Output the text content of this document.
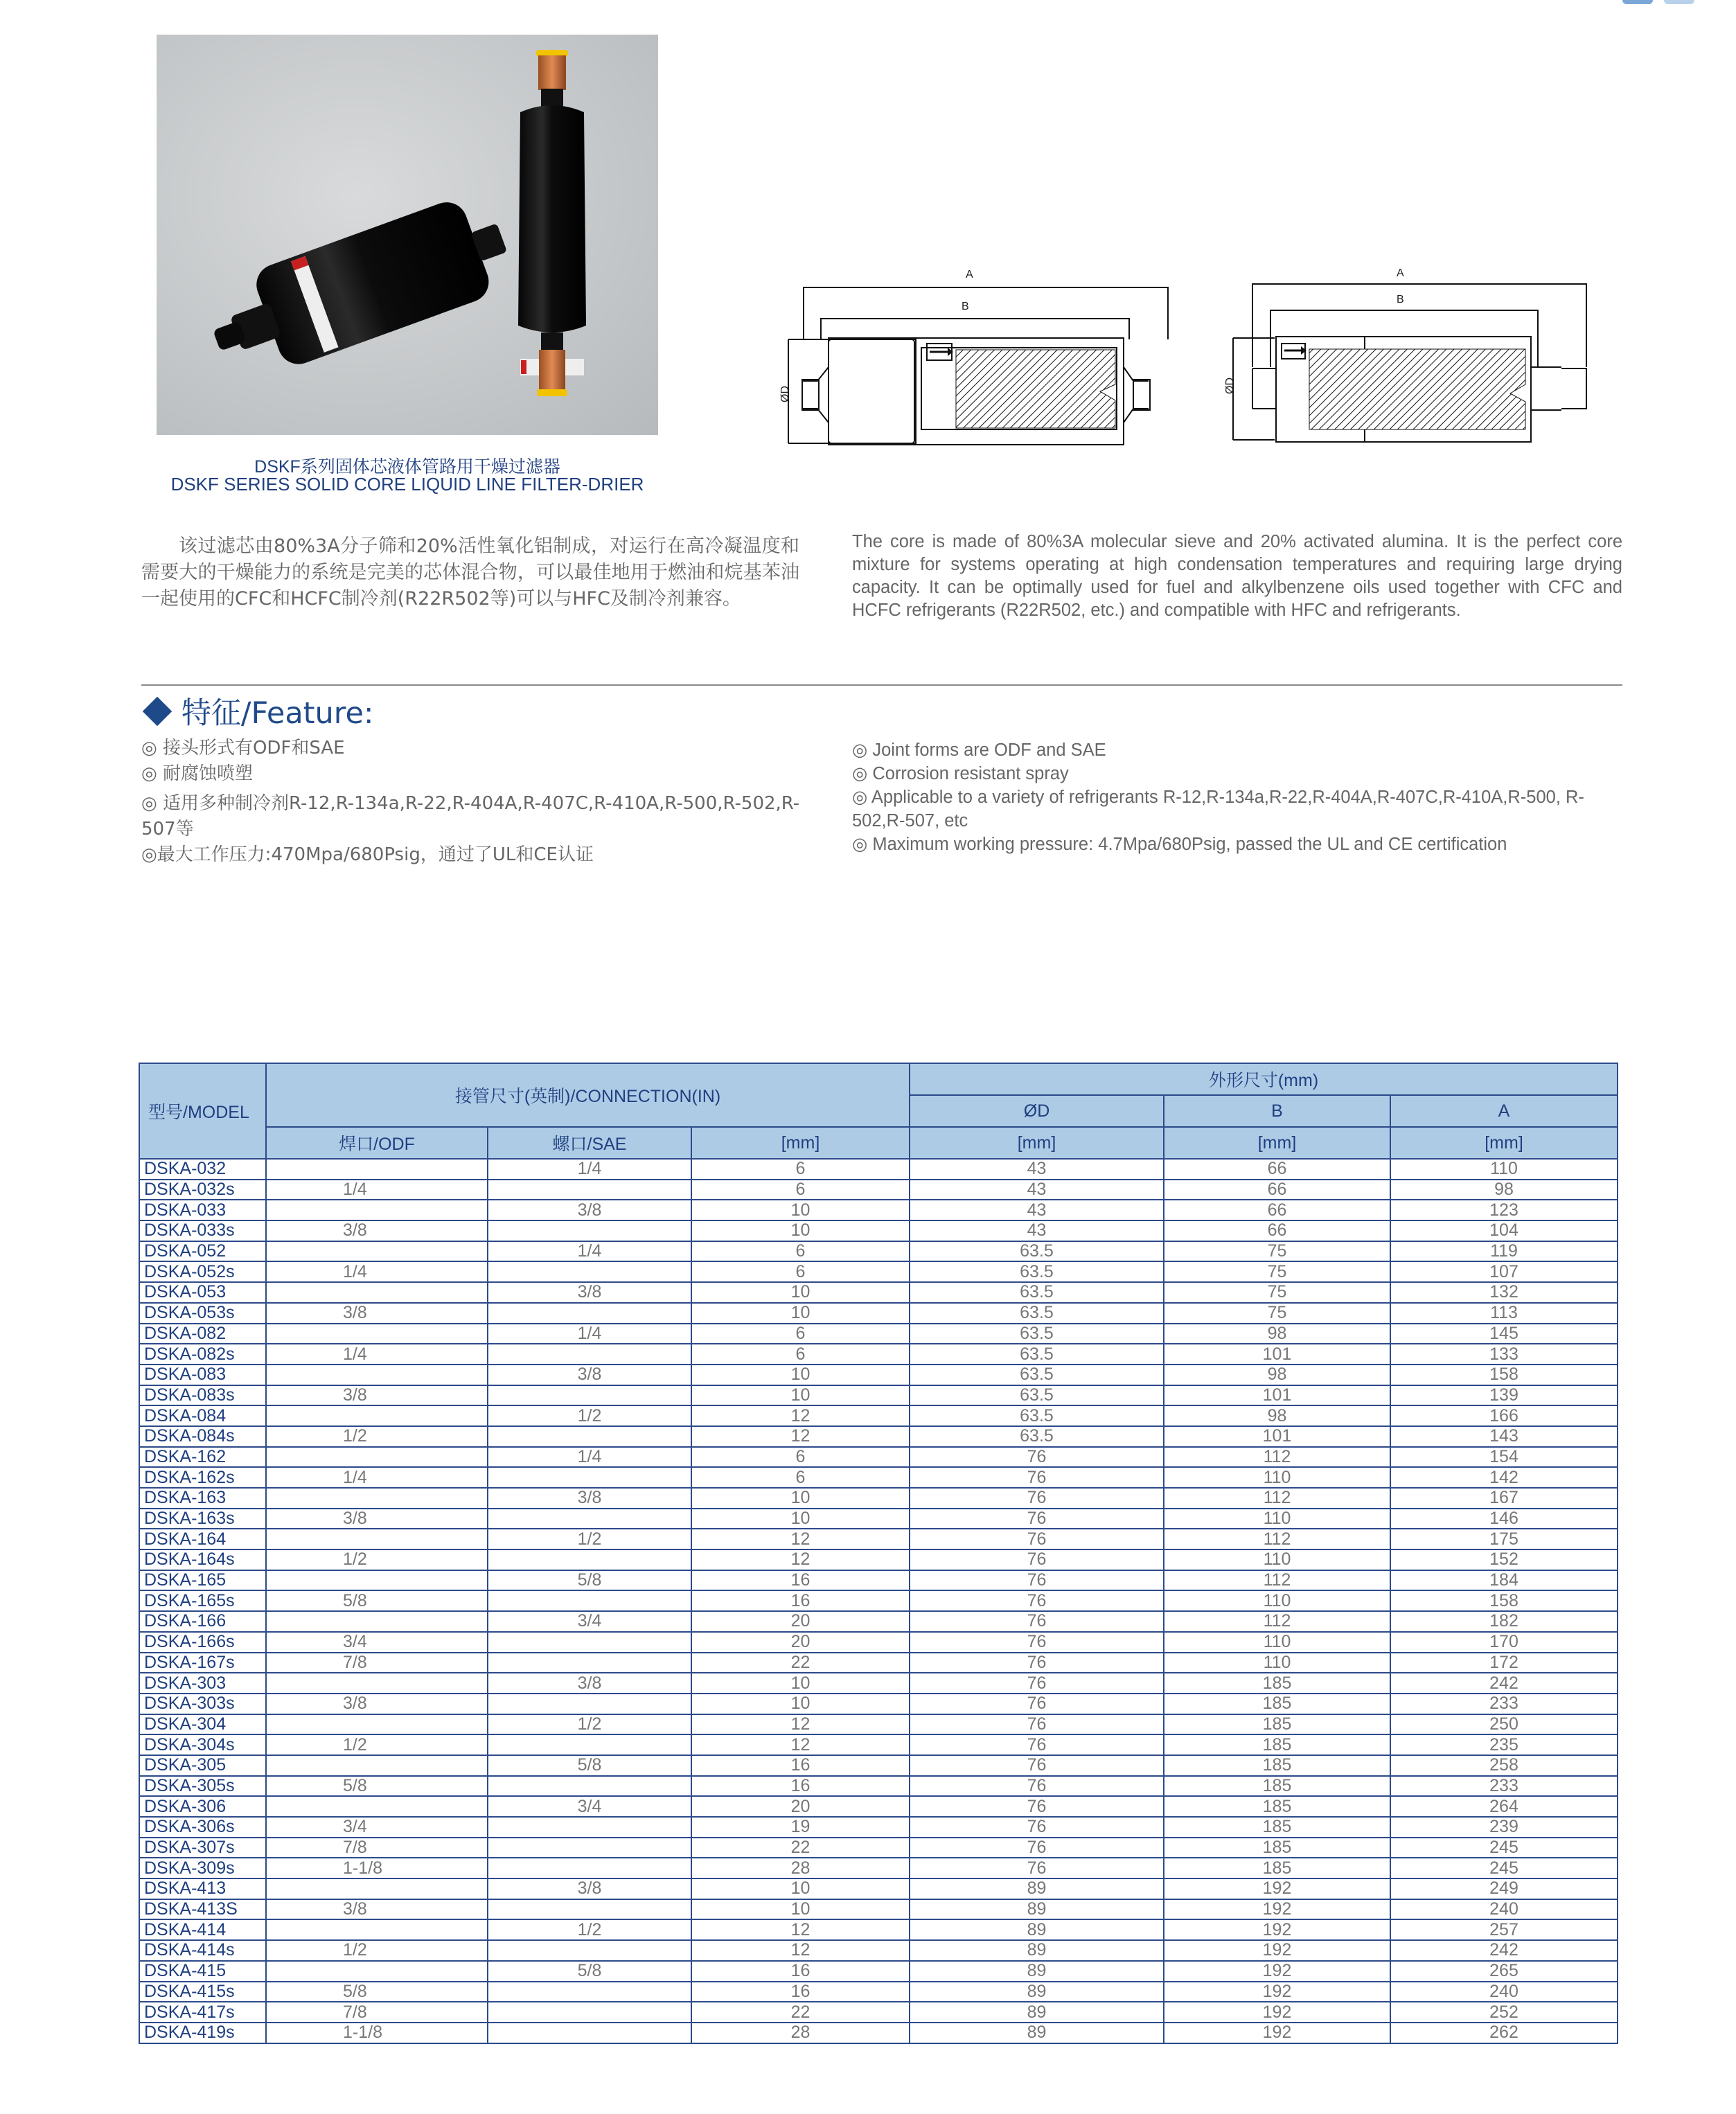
DSKF系列固体芯液体管路用干燥过滤器
DSKF SERIES SOLID CORE LIQUID LINE FILTER-DRIER
A
B
ØD
A
B
ØD
该过滤芯由80%3A分子筛和20%活性氧化铝制成，对运行在高冷凝温度和需要大的干燥能力的系统是完美的芯体混合物，可以最佳地用于燃油和烷基苯油一起使用的CFC和HCFC制冷剂(R22R502等)可以与HFC及制冷剂兼容。
The core is made of 80%3A molecular sieve and 20% activated alumina. It is the perfect core mixture for systems operating at high condensation temperatures and requiring large drying capacity. It can be optimally used for fuel and alkylbenzene oils used together with CFC and HCFC refrigerants (R22R502, etc.) and compatible with HFC and refrigerants.
特征/Feature:
◎ 接头形式有ODF和SAE
◎ 耐腐蚀喷塑
◎ 适用多种制冷剂R-12,R-134a,R-22,R-404A,R-407C,R-410A,R-500,R-502,R-507等
◎最大工作压力:470Mpa/680Psig，通过了UL和CE认证
◎ Joint forms are ODF and SAE
◎ Corrosion resistant spray
◎ Applicable to a variety of refrigerants R-12,R-134a,R-22,R-404A,R-407C,R-410A,R-500, R-502,R-507, etc
◎ Maximum working pressure: 4.7Mpa/680Psig, passed the UL and CE certification
型号/MODEL	接管尺寸(英制)/CONNECTION(IN)			外形尺寸(mm)		
				ØD	B	A
	焊口/ODF	螺口/SAE	[mm]	[mm]	[mm]	[mm]
DSKA-032		1/4	6	43	66	110
DSKA-032s	1/4		6	43	66	98
DSKA-033		3/8	10	43	66	123
DSKA-033s	3/8		10	43	66	104
DSKA-052		1/4	6	63.5	75	119
DSKA-052s	1/4		6	63.5	75	107
DSKA-053		3/8	10	63.5	75	132
DSKA-053s	3/8		10	63.5	75	113
DSKA-082		1/4	6	63.5	98	145
DSKA-082s	1/4		6	63.5	101	133
DSKA-083		3/8	10	63.5	98	158
DSKA-083s	3/8		10	63.5	101	139
DSKA-084		1/2	12	63.5	98	166
DSKA-084s	1/2		12	63.5	101	143
DSKA-162		1/4	6	76	112	154
DSKA-162s	1/4		6	76	110	142
DSKA-163		3/8	10	76	112	167
DSKA-163s	3/8		10	76	110	146
DSKA-164		1/2	12	76	112	175
DSKA-164s	1/2		12	76	110	152
DSKA-165		5/8	16	76	112	184
DSKA-165s	5/8		16	76	110	158
DSKA-166		3/4	20	76	112	182
DSKA-166s	3/4		20	76	110	170
DSKA-167s	7/8		22	76	110	172
DSKA-303		3/8	10	76	185	242
DSKA-303s	3/8		10	76	185	233
DSKA-304		1/2	12	76	185	250
DSKA-304s	1/2		12	76	185	235
DSKA-305		5/8	16	76	185	258
DSKA-305s	5/8		16	76	185	233
DSKA-306		3/4	20	76	185	264
DSKA-306s	3/4		19	76	185	239
DSKA-307s	7/8		22	76	185	245
DSKA-309s	1-1/8		28	76	185	245
DSKA-413		3/8	10	89	192	249
DSKA-413S	3/8		10	89	192	240
DSKA-414		1/2	12	89	192	257
DSKA-414s	1/2		12	89	192	242
DSKA-415		5/8	16	89	192	265
DSKA-415s	5/8		16	89	192	240
DSKA-417s	7/8		22	89	192	252
DSKA-419s	1-1/8		28	89	192	262
